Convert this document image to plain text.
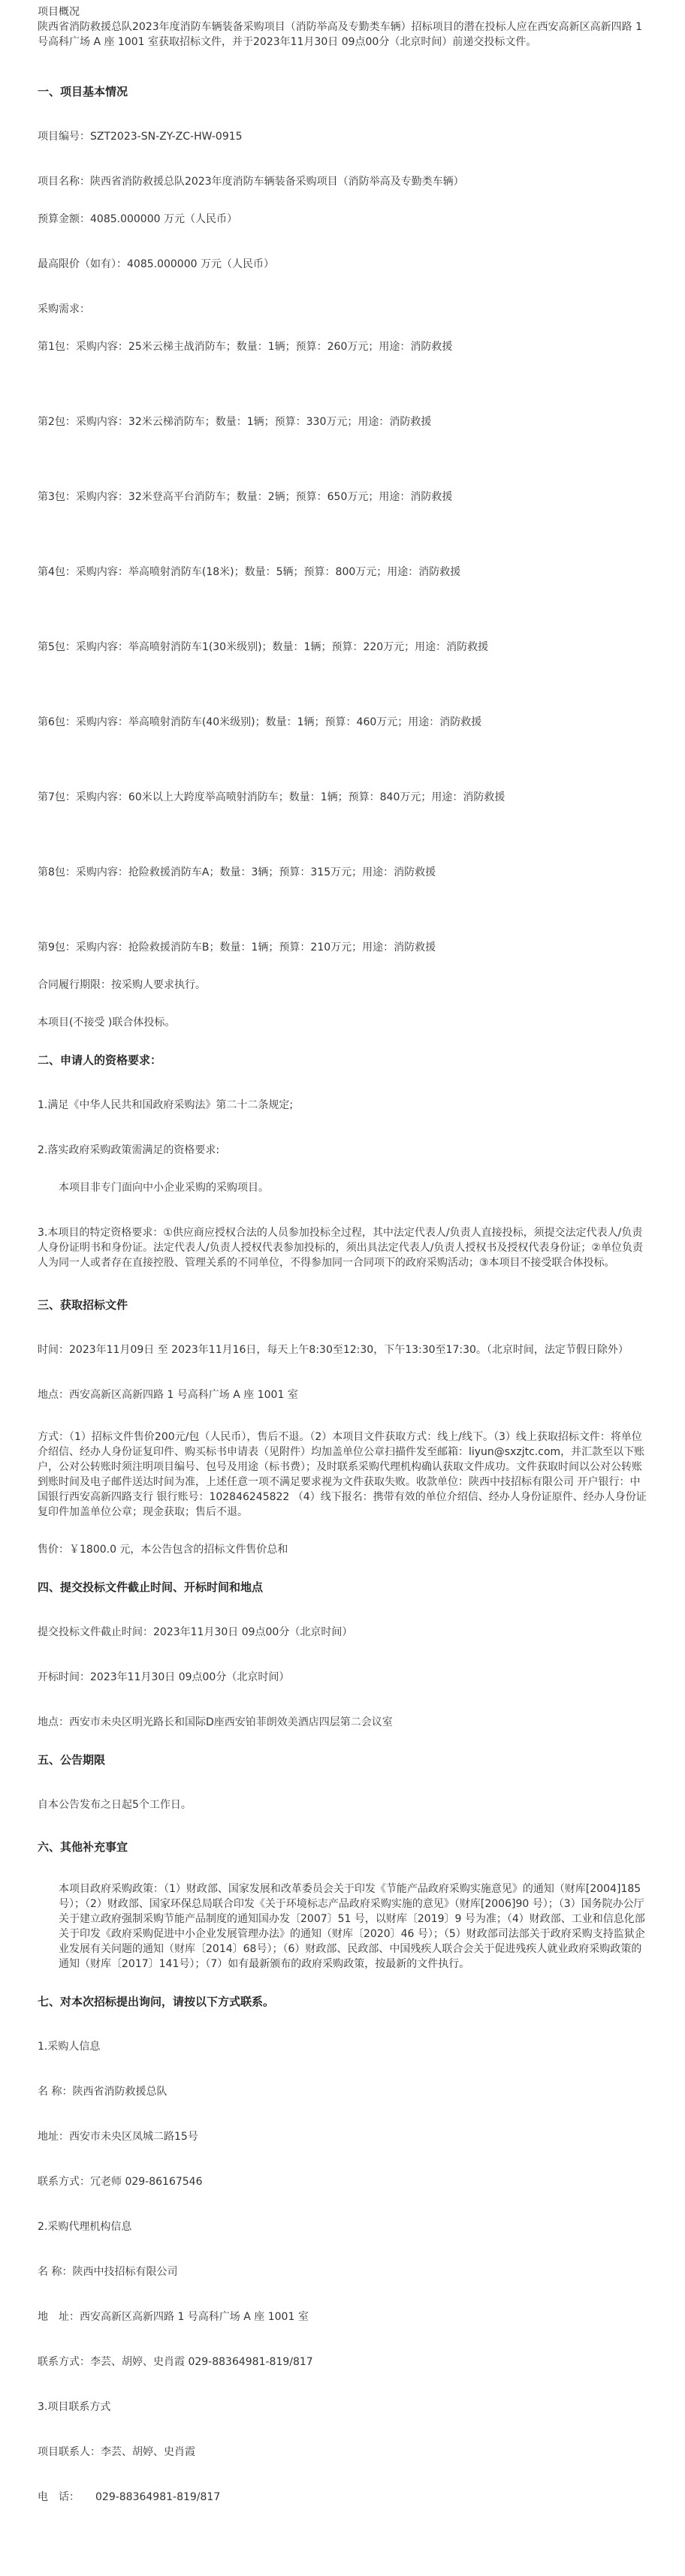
项目概况

陕西省消防救援总队2023年度消防车辆装备采购项目（消防举高及专勤类车辆）招标项目的潜在投标人应在西安高新区高新四路 1 号高科广场 A 座 1001 室获取招标文件，并于2023年11月30日 09点00分（北京时间）前递交投标文件。

一、项目基本情况

项目编号：SZT2023-SN-ZY-ZC-HW-0915

项目名称：陕西省消防救援总队2023年度消防车辆装备采购项目（消防举高及专勤类车辆）

预算金额：4085.000000 万元（人民币）

最高限价（如有）：4085.000000 万元（人民币）

采购需求：

第1包：采购内容：25米云梯主战消防车；数量：1辆；预算：260万元；用途：消防救援

第2包：采购内容：32米云梯消防车；数量：1辆；预算：330万元；用途：消防救援

第3包：采购内容：32米登高平台消防车；数量：2辆；预算：650万元；用途：消防救援

第4包：采购内容：举高喷射消防车(18米)；数量：5辆；预算：800万元；用途：消防救援

第5包：采购内容：举高喷射消防车1(30米级别)；数量：1辆；预算：220万元；用途：消防救援

第6包：采购内容：举高喷射消防车(40米级别)；数量：1辆；预算：460万元；用途：消防救援

第7包：采购内容：60米以上大跨度举高喷射消防车；数量：1辆；预算：840万元；用途：消防救援

第8包：采购内容：抢险救援消防车A；数量：3辆；预算：315万元；用途：消防救援

第9包：采购内容：抢险救援消防车B；数量：1辆；预算：210万元；用途：消防救援

合同履行期限：按采购人要求执行。

本项目(不接受 )联合体投标。

二、申请人的资格要求：

1.满足《中华人民共和国政府采购法》第二十二条规定;

2.落实政府采购政策需满足的资格要求:

本项目非专门面向中小企业采购的采购项目。

3.本项目的特定资格要求：①供应商应授权合法的人员参加投标全过程，其中法定代表人/负责人直接投标，须提交法定代表人/负责人身份证明书和身份证。法定代表人/负责人授权代表参加投标的，须出具法定代表人/负责人授权书及授权代表身份证；②单位负责人为同一人或者存在直接控股、管理关系的不同单位，不得参加同一合同项下的政府采购活动；③本项目不接受联合体投标。

三、获取招标文件

时间：2023年11月09日 至 2023年11月16日，每天上午8:30至12:30，下午13:30至17:30。（北京时间，法定节假日除外）

地点：西安高新区高新四路 1 号高科广场 A 座 1001 室

方式：（1）招标文件售价200元/包（人民币），售后不退。（2）本项目文件获取方式：线上/线下。（3）线上获取招标文件：将单位介绍信、经办人身份证复印件、购买标书申请表（见附件）均加盖单位公章扫描件发至邮箱：liyun@sxzjtc.com，并汇款至以下账户，公对公转账时须注明项目编号、包号及用途（标书费）；及时联系采购代理机构确认获取文件成功。文件获取时间以公对公转账到账时间及电子邮件送达时间为准，上述任意一项不满足要求视为文件获取失败。收款单位：陕西中技招标有限公司 开户银行：中国银行西安高新四路支行 银行账号：102846245822 （4）线下报名：携带有效的单位介绍信、经办人身份证原件、经办人身份证复印件加盖单位公章；现金获取；售后不退。

售价：￥1800.0 元，本公告包含的招标文件售价总和

四、提交投标文件截止时间、开标时间和地点

提交投标文件截止时间：2023年11月30日 09点00分（北京时间）

开标时间：2023年11月30日 09点00分（北京时间）

地点：西安市未央区明光路长和国际D座西安铂菲朗效美酒店四层第二会议室

五、公告期限

自本公告发布之日起5个工作日。

六、其他补充事宜

本项目政府采购政策：（1）财政部、国家发展和改革委员会关于印发《节能产品政府采购实施意见》的通知（财库[2004]185 号）；（2）财政部、国家环保总局联合印发《关于环境标志产品政府采购实施的意见》（财库[2006]90 号）；（3）国务院办公厅关于建立政府强制采购节能产品制度的通知国办发〔2007〕51 号，以财库〔2019〕9 号为准；（4）财政部、工业和信息化部关于印发《政府采购促进中小企业发展管理办法》的通知（财库〔2020〕46 号）；（5）财政部司法部关于政府采购支持监狱企业发展有关问题的通知（财库〔2014〕68号）；（6）财政部、民政部、中国残疾人联合会关于促进残疾人就业政府采购政策的通知（财库〔2017〕141号）；（7）如有最新颁布的政府采购政策，按最新的文件执行。

七、对本次招标提出询问，请按以下方式联系。

1.采购人信息

名 称：陕西省消防救援总队

地址：西安市未央区凤城二路15号

联系方式：冗老师 029-86167546

2.采购代理机构信息

名 称：陕西中技招标有限公司

地　址：西安高新区高新四路 1 号高科广场 A 座 1001 室

联系方式：李芸、胡婷、史肖霞 029-88364981-819/817

3.项目联系方式

项目联系人：李芸、胡婷、史肖霞

电　话：　　029-88364981-819/817
